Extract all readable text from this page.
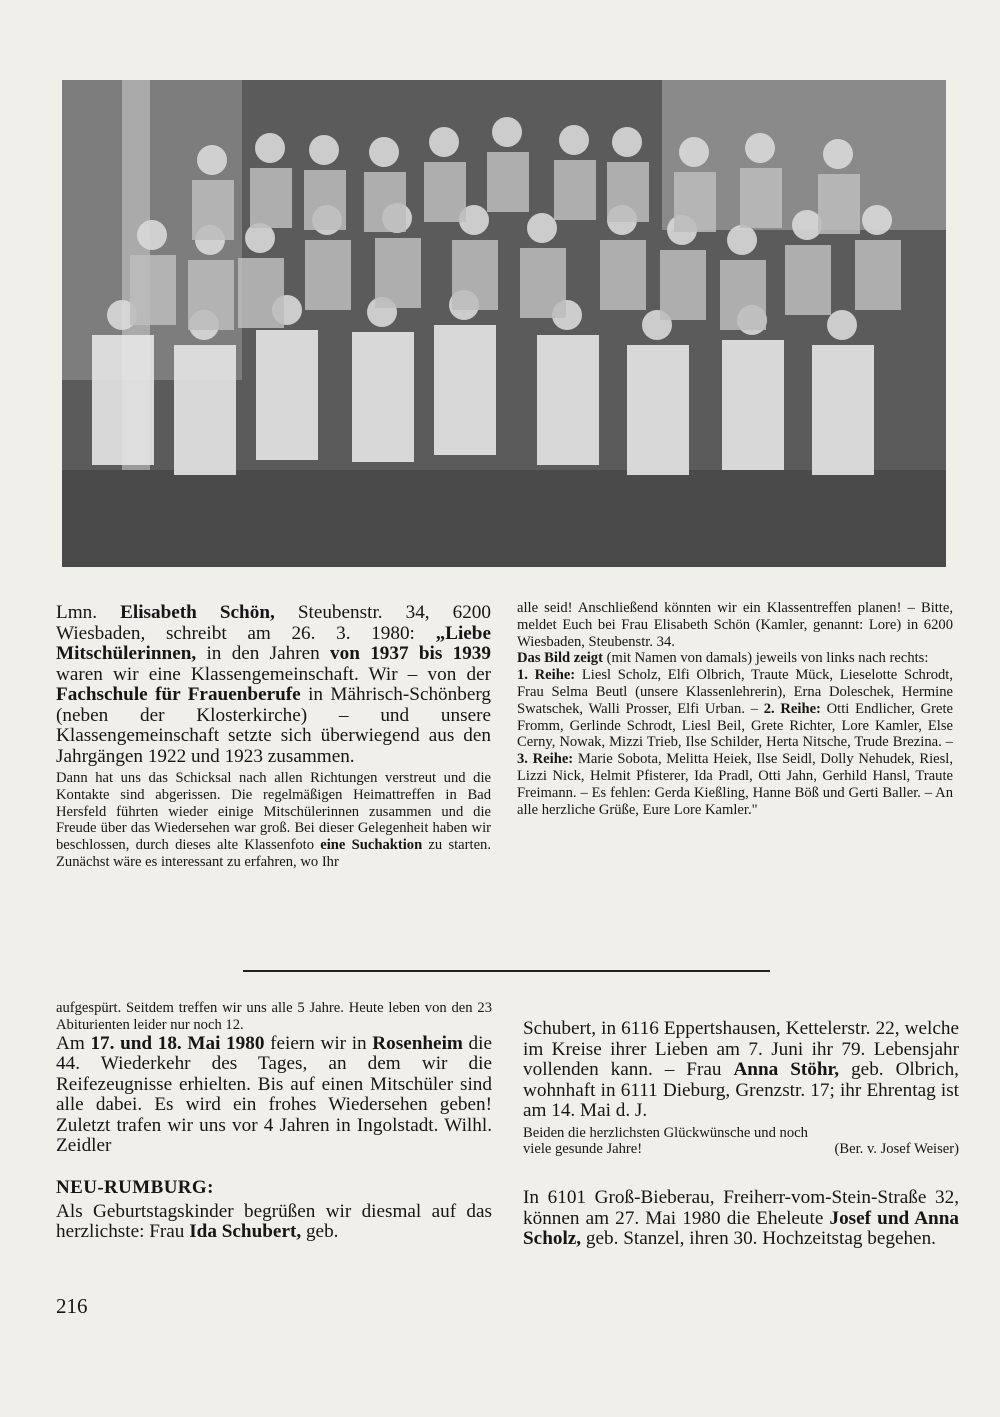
Lmn. Elisabeth Schön, Steubenstr. 34, 6200 Wiesbaden, schreibt am 26. 3. 1980: „Liebe Mitschülerinnen, in den Jahren von 1937 bis 1939 waren wir eine Klassengemeinschaft. Wir – von der Fachschule für Frauenberufe in Mährisch-Schönberg (neben der Klosterkirche) – und unsere Klassengemeinschaft setzte sich überwiegend aus den Jahrgängen 1922 und 1923 zusammen.

Dann hat uns das Schicksal nach allen Richtungen verstreut und die Kontakte sind abgerissen. Die regelmäßigen Heimattreffen in Bad Hersfeld führten wieder einige Mitschülerinnen zusammen und die Freude über das Wiedersehen war groß. Bei dieser Gelegenheit haben wir beschlossen, durch dieses alte Klassenfoto eine Suchaktion zu starten. Zunächst wäre es interessant zu erfahren, wo Ihr

alle seid! Anschließend könnten wir ein Klassentreffen planen! – Bitte, meldet Euch bei Frau Elisabeth Schön (Kamler, genannt: Lore) in 6200 Wiesbaden, Steubenstr. 34.

Das Bild zeigt (mit Namen von damals) jeweils von links nach rechts:
1. Reihe: Liesl Scholz, Elfi Olbrich, Traute Mück, Lieselotte Schrodt, Frau Selma Beutl (unsere Klassenlehrerin), Erna Doleschek, Hermine Swatschek, Walli Prosser, Elfi Urban. – 2. Reihe: Otti Endlicher, Grete Fromm, Gerlinde Schrodt, Liesl Beil, Grete Richter, Lore Kamler, Else Cerny, Nowak, Mizzi Trieb, Ilse Schilder, Herta Nitsche, Trude Brezina. – 3. Reihe: Marie Sobota, Melitta Heiek, Ilse Seidl, Dolly Nehudek, Riesl, Lizzi Nick, Helmit Pfisterer, Ida Pradl, Otti Jahn, Gerhild Hansl, Traute Freimann. – Es fehlen: Gerda Kießling, Hanne Böß und Gerti Baller. – An alle herzliche Grüße, Eure Lore Kamler."

aufgespürt. Seitdem treffen wir uns alle 5 Jahre. Heute leben von den 23 Abiturienten leider nur noch 12.

Am 17. und 18. Mai 1980 feiern wir in Rosenheim die 44. Wiederkehr des Tages, an dem wir die Reifezeugnisse erhielten. Bis auf einen Mitschüler sind alle dabei. Es wird ein frohes Wiedersehen geben! Zuletzt trafen wir uns vor 4 Jahren in Ingolstadt. Wilhl. Zeidler

NEU-RUMBURG:

Als Geburtstagskinder begrüßen wir diesmal auf das herzlichste: Frau Ida Schubert, geb.

Schubert, in 6116 Eppertshausen, Kettelerstr. 22, welche im Kreise ihrer Lieben am 7. Juni ihr 79. Lebensjahr vollenden kann. – Frau Anna Stöhr, geb. Olbrich, wohnhaft in 6111 Dieburg, Grenzstr. 17; ihr Ehrentag ist am 14. Mai d. J.

Beiden die herzlichsten Glückwünsche und noch

viele gesunde Jahre!	(Ber. v. Josef Weiser)

In 6101 Groß-Bieberau, Freiherr-vom-Stein-Straße 32, können am 27. Mai 1980 die Eheleute Josef und Anna Scholz, geb. Stanzel, ihren 30. Hochzeitstag begehen.

216
